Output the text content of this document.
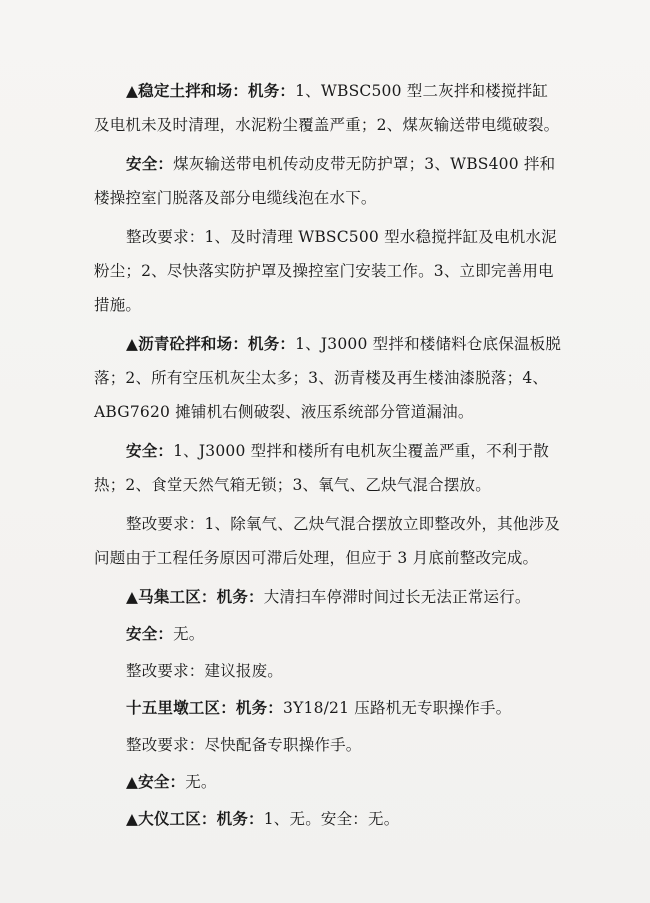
▲稳定土拌和场：机务：1、WBSC500 型二灰拌和楼搅拌缸及电机未及时清理，水泥粉尘覆盖严重；2、煤灰输送带电缆破裂。

安全：煤灰输送带电机传动皮带无防护罩；3、WBS400 拌和楼操控室门脱落及部分电缆线泡在水下。

整改要求：1、及时清理 WBSC500 型水稳搅拌缸及电机水泥粉尘；2、尽快落实防护罩及操控室门安装工作。3、立即完善用电措施。

▲沥青砼拌和场：机务：1、J3000 型拌和楼储料仓底保温板脱落；2、所有空压机灰尘太多；3、沥青楼及再生楼油漆脱落；4、ABG7620 摊铺机右侧破裂、液压系统部分管道漏油。

安全：1、J3000 型拌和楼所有电机灰尘覆盖严重，不利于散热；2、食堂天然气箱无锁；3、氧气、乙炔气混合摆放。

整改要求：1、除氧气、乙炔气混合摆放立即整改外，其他涉及问题由于工程任务原因可滞后处理，但应于 3 月底前整改完成。

▲马集工区：机务：大清扫车停滞时间过长无法正常运行。

安全：无。

整改要求：建议报废。

十五里墩工区：机务：3Y18/21 压路机无专职操作手。

整改要求：尽快配备专职操作手。

▲安全：无。

▲大仪工区：机务：1、无。安全：无。
